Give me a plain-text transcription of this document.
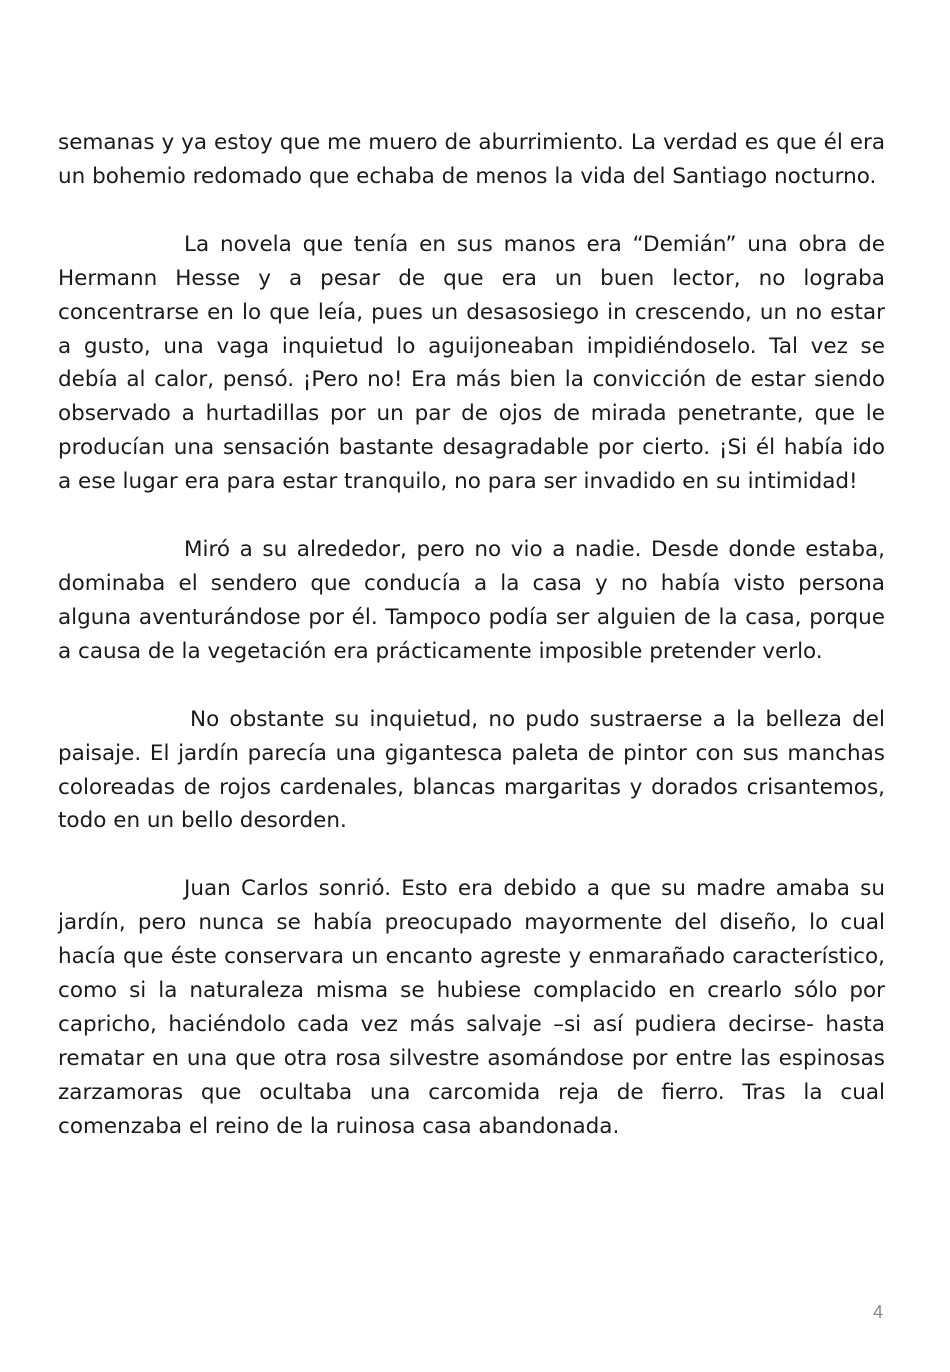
semanas y ya estoy que me muero de aburrimiento. La verdad es que él era un bohemio redomado que echaba de menos la vida del Santiago nocturno.

La novela que tenía en sus manos era “Demián” una obra de Hermann Hesse y a pesar de que era un buen lector, no lograba concentrarse en lo que leía, pues un desasosiego in crescendo, un no estar a gusto, una vaga inquietud lo aguijoneaban impidiéndoselo. Tal vez se debía al calor, pensó. ¡Pero no! Era más bien la convicción de estar siendo observado a hurtadillas por un par de ojos de mirada penetrante, que le producían una sensación bastante desagradable por cierto. ¡Si él había ido a ese lugar era para estar tranquilo, no para ser invadido en su intimidad!

Miró a su alrededor, pero no vio a nadie. Desde donde estaba, dominaba el sendero que conducía a la casa y no había visto persona alguna aventurándose por él. Tampoco podía ser alguien de la casa, porque a causa de la vegetación era prácticamente imposible pretender verlo.

No obstante su inquietud, no pudo sustraerse a la belleza del paisaje. El jardín parecía una gigantesca paleta de pintor con sus manchas coloreadas de rojos cardenales, blancas margaritas y dorados crisantemos, todo en un bello desorden.

Juan Carlos sonrió. Esto era debido a que su madre amaba su jardín, pero nunca se había preocupado mayormente del diseño, lo cual hacía que éste conservara un encanto agreste y enmarañado característico, como si la naturaleza misma se hubiese complacido en crearlo sólo por capricho, haciéndolo cada vez más salvaje –si así pudiera decirse- hasta rematar en una que otra rosa silvestre asomándose por entre las espinosas zarzamoras que ocultaba una carcomida reja de fierro. Tras la cual comenzaba el reino de la ruinosa casa abandonada.

4
